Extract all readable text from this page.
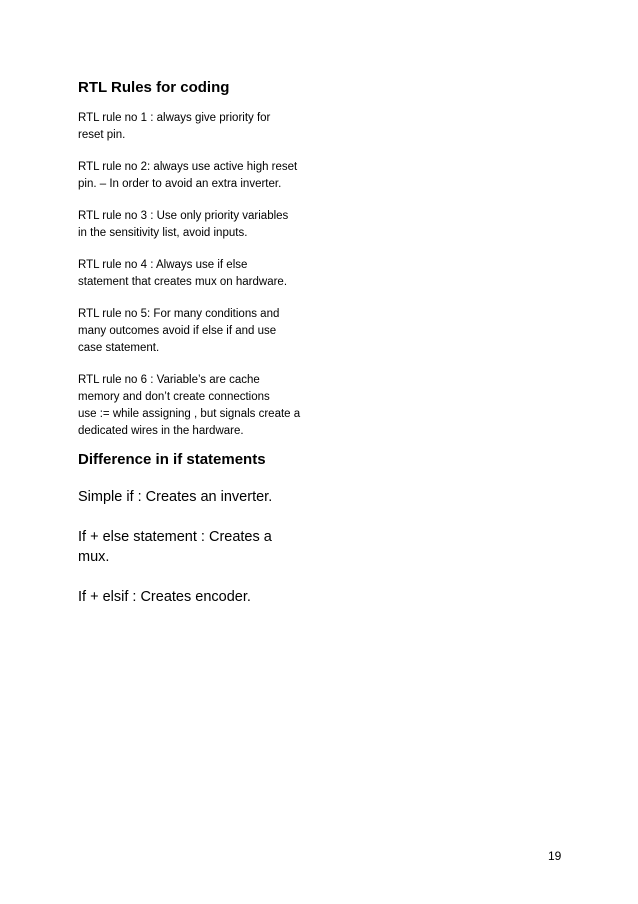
RTL Rules for coding
RTL rule no 1 : always give priority for
reset pin.
RTL rule no 2: always use active high reset
pin. – In order to avoid an extra inverter.
RTL rule no 3 : Use only priority variables
in the sensitivity list, avoid inputs.
RTL rule no 4 : Always use if else
statement that creates mux on hardware.
RTL rule no 5: For many conditions and
many outcomes avoid if else if and use
case statement.
RTL rule no 6 : Variable’s are cache
memory and don’t create connections
use := while assigning , but signals create a
dedicated wires in the hardware.
Difference in if statements
Simple if : Creates an inverter.
If + else statement : Creates a
mux.
If + elsif : Creates encoder.
19
